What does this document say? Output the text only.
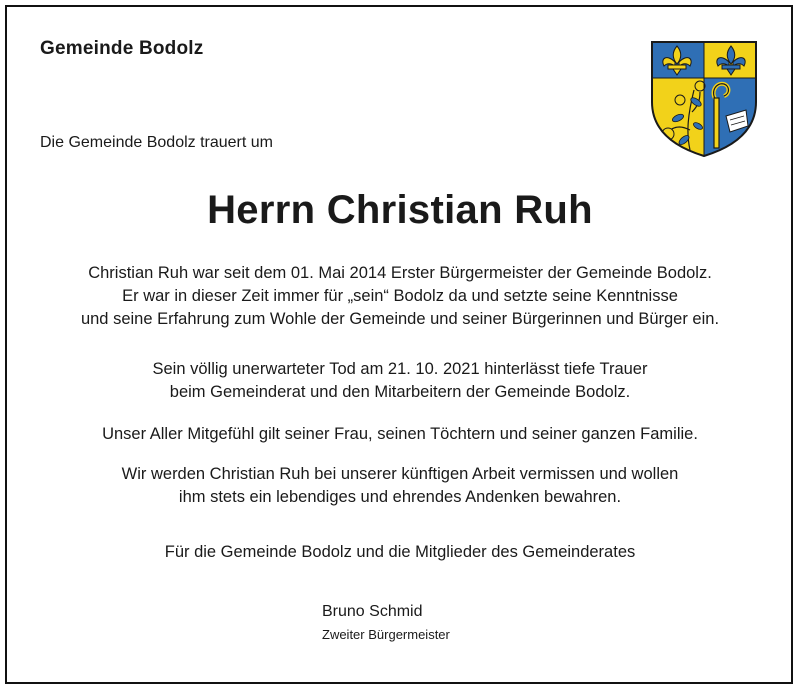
Gemeinde Bodolz
Die Gemeinde Bodolz trauert um
Herrn Christian Ruh
Christian Ruh war seit dem 01. Mai 2014 Erster Bürgermeister der Gemeinde Bodolz.
Er war in dieser Zeit immer für „sein“ Bodolz da und setzte seine Kenntnisse
und seine Erfahrung zum Wohle der Gemeinde und seiner Bürgerinnen und Bürger ein.
Sein völlig unerwarteter Tod am 21. 10. 2021 hinterlässt tiefe Trauer
beim Gemeinderat und den Mitarbeitern der Gemeinde Bodolz.
Unser Aller Mitgefühl gilt seiner Frau, seinen Töchtern und seiner ganzen Familie.
Wir werden Christian Ruh bei unserer künftigen Arbeit vermissen und wollen
ihm stets ein lebendiges und ehrendes Andenken bewahren.
Für die Gemeinde Bodolz und die Mitglieder des Gemeinderates
Bruno Schmid
Zweiter Bürgermeister
